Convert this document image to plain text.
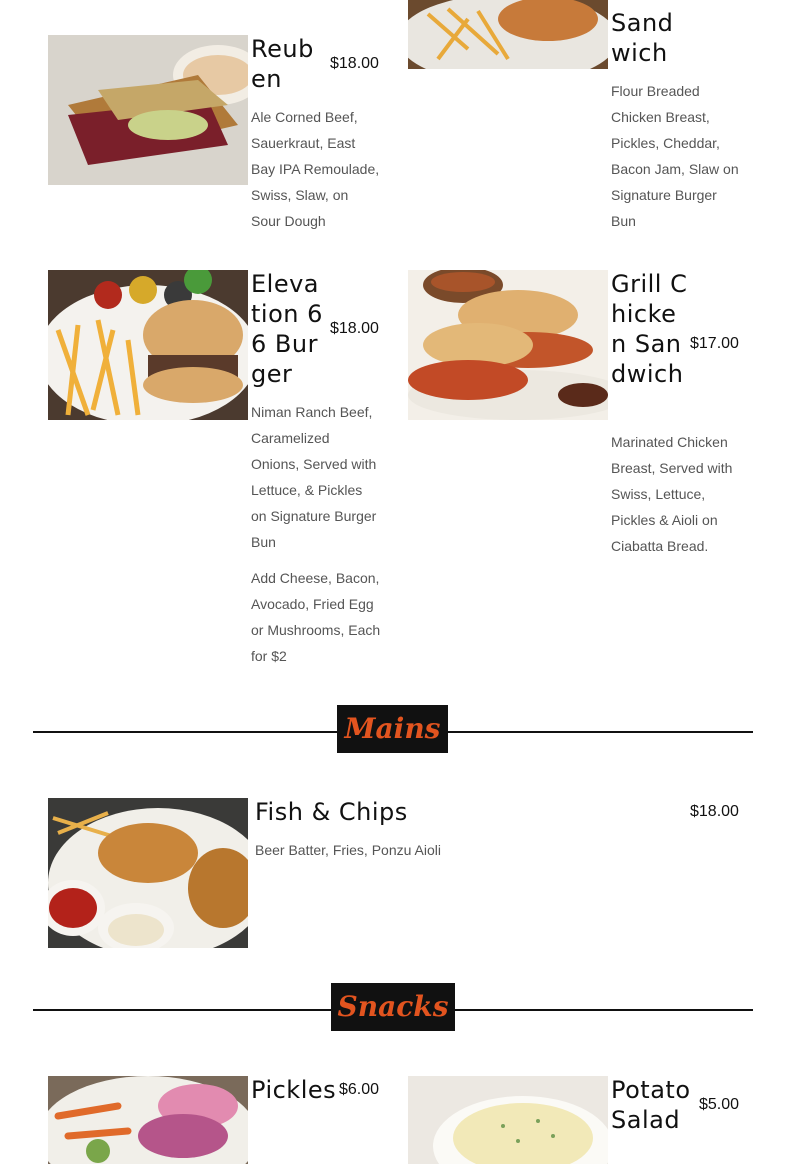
Sandwich
Flour Breaded Chicken Breast, Pickles, Cheddar, Bacon Jam, Slaw on Signature Burger Bun
Reuben
$18.00
Ale Corned Beef, Sauerkraut, East Bay IPA Remoulade, Swiss, Slaw, on Sour Dough
Elevation 66 Burger
$18.00
Niman Ranch Beef, Caramelized Onions, Served with Lettuce, & Pickles on Signature Burger Bun
Add Cheese, Bacon, Avocado, Fried Egg or Mushrooms, Each for $2
Grill Chicken Sandwich
$17.00
Marinated Chicken Breast, Served with Swiss, Lettuce, Pickles & Aioli on Ciabatta Bread.
Mains
Fish & Chips	$18.00
Beer Batter, Fries, Ponzu Aioli
Snacks
Pickles $6.00	Potato Salad
$5.00
